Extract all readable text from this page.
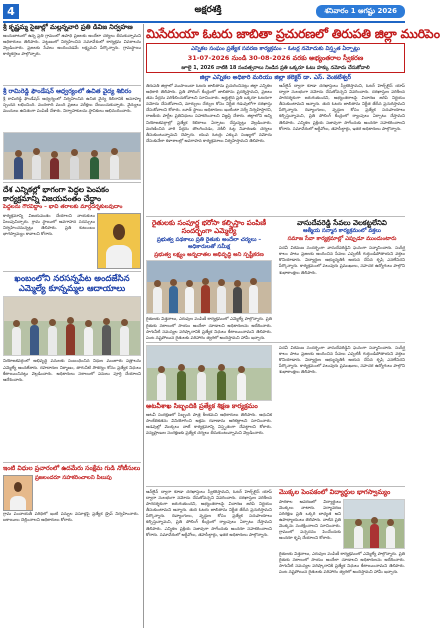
4	అక్షరశక్తి	శనివారం 1 ఆగష్టు 2026
శ్రీ కృష్ణమ్మ సైజుల్లో మల్లన్నవారి ప్రతి డివిజ నిర్వహణ
అందుబాటులో ఉన్న ప్రతి గ్రామంలో ఉపాధి ప్రజలకు అందేలా చర్యలు తీసుకున్నామని అధికారులు తెలిపారు. పట్టణంలో నిర్వహించిన సమావేశంలో కార్యక్రమ వివరాలను వెల్లడించారు. ప్రజలకు సేవలు అందించడమే లక్ష్యమని పేర్కొన్నారు. గ్రామస్థాయి కార్యకర్తలు పాల్గొన్నారు.
శ్రీ రామిరెడ్డి ఫౌండేషన్ ఆధ్వర్యంలో ఉచిత వైద్య శిబిరం
శ్రీ రామిరెడ్డి ఫౌండేషన్ ఆధ్వర్యంలో నిర్వహించిన ఉచిత వైద్య శిబిరానికి అనూహ్య స్పందన లభించింది. వందలాది మంది ప్రజలు పరీక్షలు చేయించుకున్నారు. వైద్యులు మందులు ఉచితంగా పంపిణీ చేశారు. నిర్వాహకులను స్థానికులు అభినందించారు.
దేశ ఎన్నికల్లో భాగంగా పెద్దల పెంపకం కార్యక్రమాన్ని విజయవంతం చేద్దాం
పెద్దలను గౌరవిద్దాం – భావి తరాలకు మార్గదర్శకులవుదాం
కార్యక్రమాన్ని విజయవంతం చేయాలని నాయకులు పిలుపునిచ్చారు. గ్రామ స్థాయిలో అవగాహన సదస్సులు నిర్వహించనున్నట్లు తెలిపారు. ప్రతి కుటుంబం భాగస్వామ్యం కావాలని కోరారు.
ఖంబంలోని నరసన్నపేట అందజేసిన ఎమ్మెల్యే కూన్నమ్మల ఆదాయాలు
నియోజకవర్గంలో అభివృద్ధి పనులకు సంబంధించిన నిధుల మంజూరు పత్రాలను ఎమ్మెల్యే అందజేశారు. రహదారుల నిర్మాణం, తాగునీటి సౌకర్యం కోసం ప్రత్యేక నిధులు కేటాయించినట్లు వెల్లడించారు. అధికారులు సకాలంలో పనులు పూర్తి చేయాలని ఆదేశించారు.
ఇంటి విధుల ప్రచారంలో ఉదమేరు సంక్షేమ గుడి నోటీసులు
ప్రజలందరూ సహకరించాలని పిలుపు
గ్రామ పంచాయతీ పరిధిలో ఇంటి పన్నుల వసూళ్లపై ప్రత్యేక డ్రైవ్ నిర్వహించారు. బకాయిలు చెల్లించాలని అధికారులు కోరారు.
మిసేరుయా ఓటరు జాబితా ప్రచురణలో తిరుపతి జిల్లా మురిపెం
ఎన్నికల సంఘం ప్రత్యేక సవరణ కార్యక్రమం – ఓటర్ల నమోదుకు విస్తృత ఏర్పాట్లు
31-07-2026 నుండి 30-08-2026 వరకు అభ్యంతరాల స్వీకరణ
జూలై 1, 2026 నాటికి 18 సంవత్సరాలు నిండిన ప్రతి ఒక్కరూ ఓటు హక్కు నమోదు చేసుకోవాలి
జిల్లా ఎన్నికల అధికారి మరియు జిల్లా కలెక్టర్ డా. ఎస్. వెంకటేశ్వర్
తిరుపతి జిల్లాలో ముసాయిదా ఓటరు జాబితాను ప్రచురించినట్లు జిల్లా ఎన్నికల అధికారి తెలిపారు. ప్రతి పోలింగ్ కేంద్రంలో జాబితాను ప్రదర్శిస్తామని, ప్రజలు తమ పేర్లను పరిశీలించుకోవాలని సూచించారు. అర్హులైన ప్రతి ఒక్కరూ ఓటరుగా నమోదు చేసుకోవాలని, మార్పులు చేర్పుల కోసం నిర్ణీత గడువులోగా దరఖాస్తు చేసుకోవాలని కోరారు. బూత్ స్థాయి అధికారులు ఇంటింటా సర్వే నిర్వహిస్తారని, రాజకీయ పార్టీల ప్రతినిధులు సహకరించాలని విజ్ఞప్తి చేశారు. జిల్లాలోని అన్ని నియోజకవర్గాల్లో ప్రత్యేక శిబిరాలు ఏర్పాటు చేస్తున్నట్లు వెల్లడించారు. మరణించిన వారి పేర్లను తొలగించడం, నకిలీ ఓట్ల నివారణకు చర్యలు తీసుకుంటున్నామని చెప్పారు. యువ ఓటర్లు ఎక్కువ సంఖ్యలో నమోదు చేసుకునేలా కళాశాలల్లో అవగాహన కార్యక్రమాలు నిర్వహిస్తామని తెలిపారు.
ఆన్‌లైన్ ద్వారా కూడా దరఖాస్తులు స్వీకరిస్తామని, ఓటర్ హెల్ప్‌లైన్ యాప్ ద్వారా సులభంగా నమోదు చేసుకోవచ్చని వివరించారు. దరఖాస్తుల పరిశీలన పారదర్శకంగా జరుగుతుందని, అభ్యంతరాలపై విచారణ జరిపి నిర్ణయం తీసుకుంటామని అన్నారు. తుది ఓటరు జాబితాను నిర్ణీత తేదీన ప్రచురిస్తామని పేర్కొన్నారు. దివ్యాంగులు, వృద్ధుల కోసం ప్రత్యేక సదుపాయాలు కల్పిస్తున్నామని, ప్రతి పోలింగ్ కేంద్రంలో ర్యాంపులు ఏర్పాటు చేస్తామని తెలిపారు. ఎన్నికల ప్రక్రియ సజావుగా సాగేందుకు అందరూ సహకరించాలని కోరారు. సమావేశంలో ఆర్డీవోలు, తహసీల్దార్లు, ఇతర అధికారులు పాల్గొన్నారు.
రైతులకు సంపూర్ణ భరోసా కల్పిస్తాం పంపిణీ సందర్భంగా ఎమ్మెల్యే
ప్రభుత్వ పథకాలు ప్రతి రైతుకు అందేలా చర్యలు – అధికారులతో సమీక్ష
ప్రభుత్వ లక్ష్యం అన్నదాతల అభివృద్ధి అని స్పష్టీకరణ
రైతులకు విత్తనాలు, ఎరువుల పంపిణీ కార్యక్రమంలో ఎమ్మెల్యే పాల్గొన్నారు. ప్రతి రైతుకు సకాలంలో సాయం అందేలా చూడాలని అధికారులను ఆదేశించారు. సాగునీటి సమస్యల పరిష్కారానికి ప్రత్యేక నిధులు కేటాయించామని తెలిపారు. పంట నష్టపోయిన రైతులకు పరిహారం త్వరలో అందిస్తామని హామీ ఇచ్చారు.
వాసుదేవరెడ్డి సేవలు వెలకట్టలేనివి
ఆత్మీయ సన్మాన కార్యక్రమంలో వక్తలు
సమాజ సేవా కార్యక్రమాల్లో ఎప్పుడూ ముందుంటారు
పదవీ విరమణ సందర్భంగా వాసుదేవరెడ్డిని ఘనంగా సన్మానించారు. సుదీర్ఘ కాలం పాటు ప్రజలకు అందించిన సేవలు ఎప్పటికీ గుర్తుండిపోతాయని వక్తలు కొనియాడారు. విద్యార్థుల అభ్యున్నతికి ఆయన చేసిన కృషి ఎనలేనిదని పేర్కొన్నారు. కార్యక్రమంలో పలువురు ప్రముఖులు, సహచర ఉద్యోగులు పాల్గొని శుభాకాంక్షలు తెలిపారు.
అటవీశాఖ సిబ్బందికి ప్రత్యేక శిక్షణ కార్యక్రమం
అటవీ సంరక్షణలో సిబ్బంది పాత్ర కీలకమని అధికారులు తెలిపారు. ఆధునిక సాంకేతికతను వినియోగించి అక్రమ రవాణాను అరికట్టాలని సూచించారు. అడవుల్లో మొక్కలు నాటే కార్యక్రమాన్ని విస్తృతంగా చేపట్టాలని కోరారు. వన్యప్రాణుల సంరక్షణకు ప్రత్యేక చర్యలు తీసుకుంటున్నామని వెల్లడించారు.
పదవీ విరమణ సందర్భంగా వాసుదేవరెడ్డిని ఘనంగా సన్మానించారు. సుదీర్ఘ కాలం పాటు ప్రజలకు అందించిన సేవలు ఎప్పటికీ గుర్తుండిపోతాయని వక్తలు కొనియాడారు. విద్యార్థుల అభ్యున్నతికి ఆయన చేసిన కృషి ఎనలేనిదని పేర్కొన్నారు. కార్యక్రమంలో పలువురు ప్రముఖులు, సహచర ఉద్యోగులు పాల్గొని శుభాకాంక్షలు తెలిపారు.
ఆన్‌లైన్ ద్వారా కూడా దరఖాస్తులు స్వీకరిస్తామని, ఓటర్ హెల్ప్‌లైన్ యాప్ ద్వారా సులభంగా నమోదు చేసుకోవచ్చని వివరించారు. దరఖాస్తుల పరిశీలన పారదర్శకంగా జరుగుతుందని, అభ్యంతరాలపై విచారణ జరిపి నిర్ణయం తీసుకుంటామని అన్నారు. తుది ఓటరు జాబితాను నిర్ణీత తేదీన ప్రచురిస్తామని పేర్కొన్నారు. దివ్యాంగులు, వృద్ధుల కోసం ప్రత్యేక సదుపాయాలు కల్పిస్తున్నామని, ప్రతి పోలింగ్ కేంద్రంలో ర్యాంపులు ఏర్పాటు చేస్తామని తెలిపారు. ఎన్నికల ప్రక్రియ సజావుగా సాగేందుకు అందరూ సహకరించాలని కోరారు. సమావేశంలో ఆర్డీవోలు, తహసీల్దార్లు, ఇతర అధికారులు పాల్గొన్నారు.
మొక్కల పెంపకంలో విద్యార్థుల భాగస్వామ్యం
పాఠశాల ఆవరణలో విద్యార్థులు మొక్కలు నాటారు. పర్యావరణ పరిరక్షణ ప్రతి ఒక్కరి బాధ్యత అని ఉపాధ్యాయులు తెలిపారు. నాటిన ప్రతి మొక్కను సంరక్షించాలని సూచించారు. గ్రామంలో పచ్చదనం పెంచేందుకు అందరూ కృషి చేయాలని కోరారు.
రైతులకు విత్తనాలు, ఎరువుల పంపిణీ కార్యక్రమంలో ఎమ్మెల్యే పాల్గొన్నారు. ప్రతి రైతుకు సకాలంలో సాయం అందేలా చూడాలని అధికారులను ఆదేశించారు. సాగునీటి సమస్యల పరిష్కారానికి ప్రత్యేక నిధులు కేటాయించామని తెలిపారు. పంట నష్టపోయిన రైతులకు పరిహారం త్వరలో అందిస్తామని హామీ ఇచ్చారు.
